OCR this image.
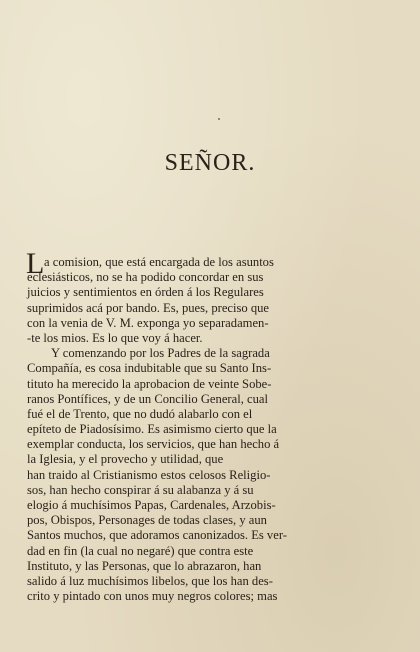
SEÑOR.
L a comision, que está encargada de los asuntos
eclesiásticos, no se ha podido concordar en sus
juicios y sentimientos en órden á los Regulares
suprimidos acá por bando. Es, pues, preciso que
con la venia de V. M. exponga yo separadamen-
-te los mios. Es lo que voy á hacer.
Y comenzando por los Padres de la sagrada
Compañía, es cosa indubitable que su Santo Ins-
tituto ha merecido la aprobacion de veinte Sobe-
ranos Pontífices, y de un Concilio General, cual
fué el de Trento, que no dudó alabarlo con el
epíteto de Piadosísimo. Es asimismo cierto que la
exemplar conducta, los servicios, que han hecho á
la Iglesia, y el provecho y utilidad, que
han traido al Cristianismo estos celosos Religio-
sos, han hecho conspirar á su alabanza y á su
elogio á muchísimos Papas, Cardenales, Arzobis-
pos, Obispos, Personages de todas clases, y aun
Santos muchos, que adoramos canonizados. Es ver-
dad en fin (la cual no negaré) que contra este
Instituto, y las Personas, que lo abrazaron, han
salido á luz muchísimos libelos, que los han des-
crito y pintado con unos muy negros colores; mas
